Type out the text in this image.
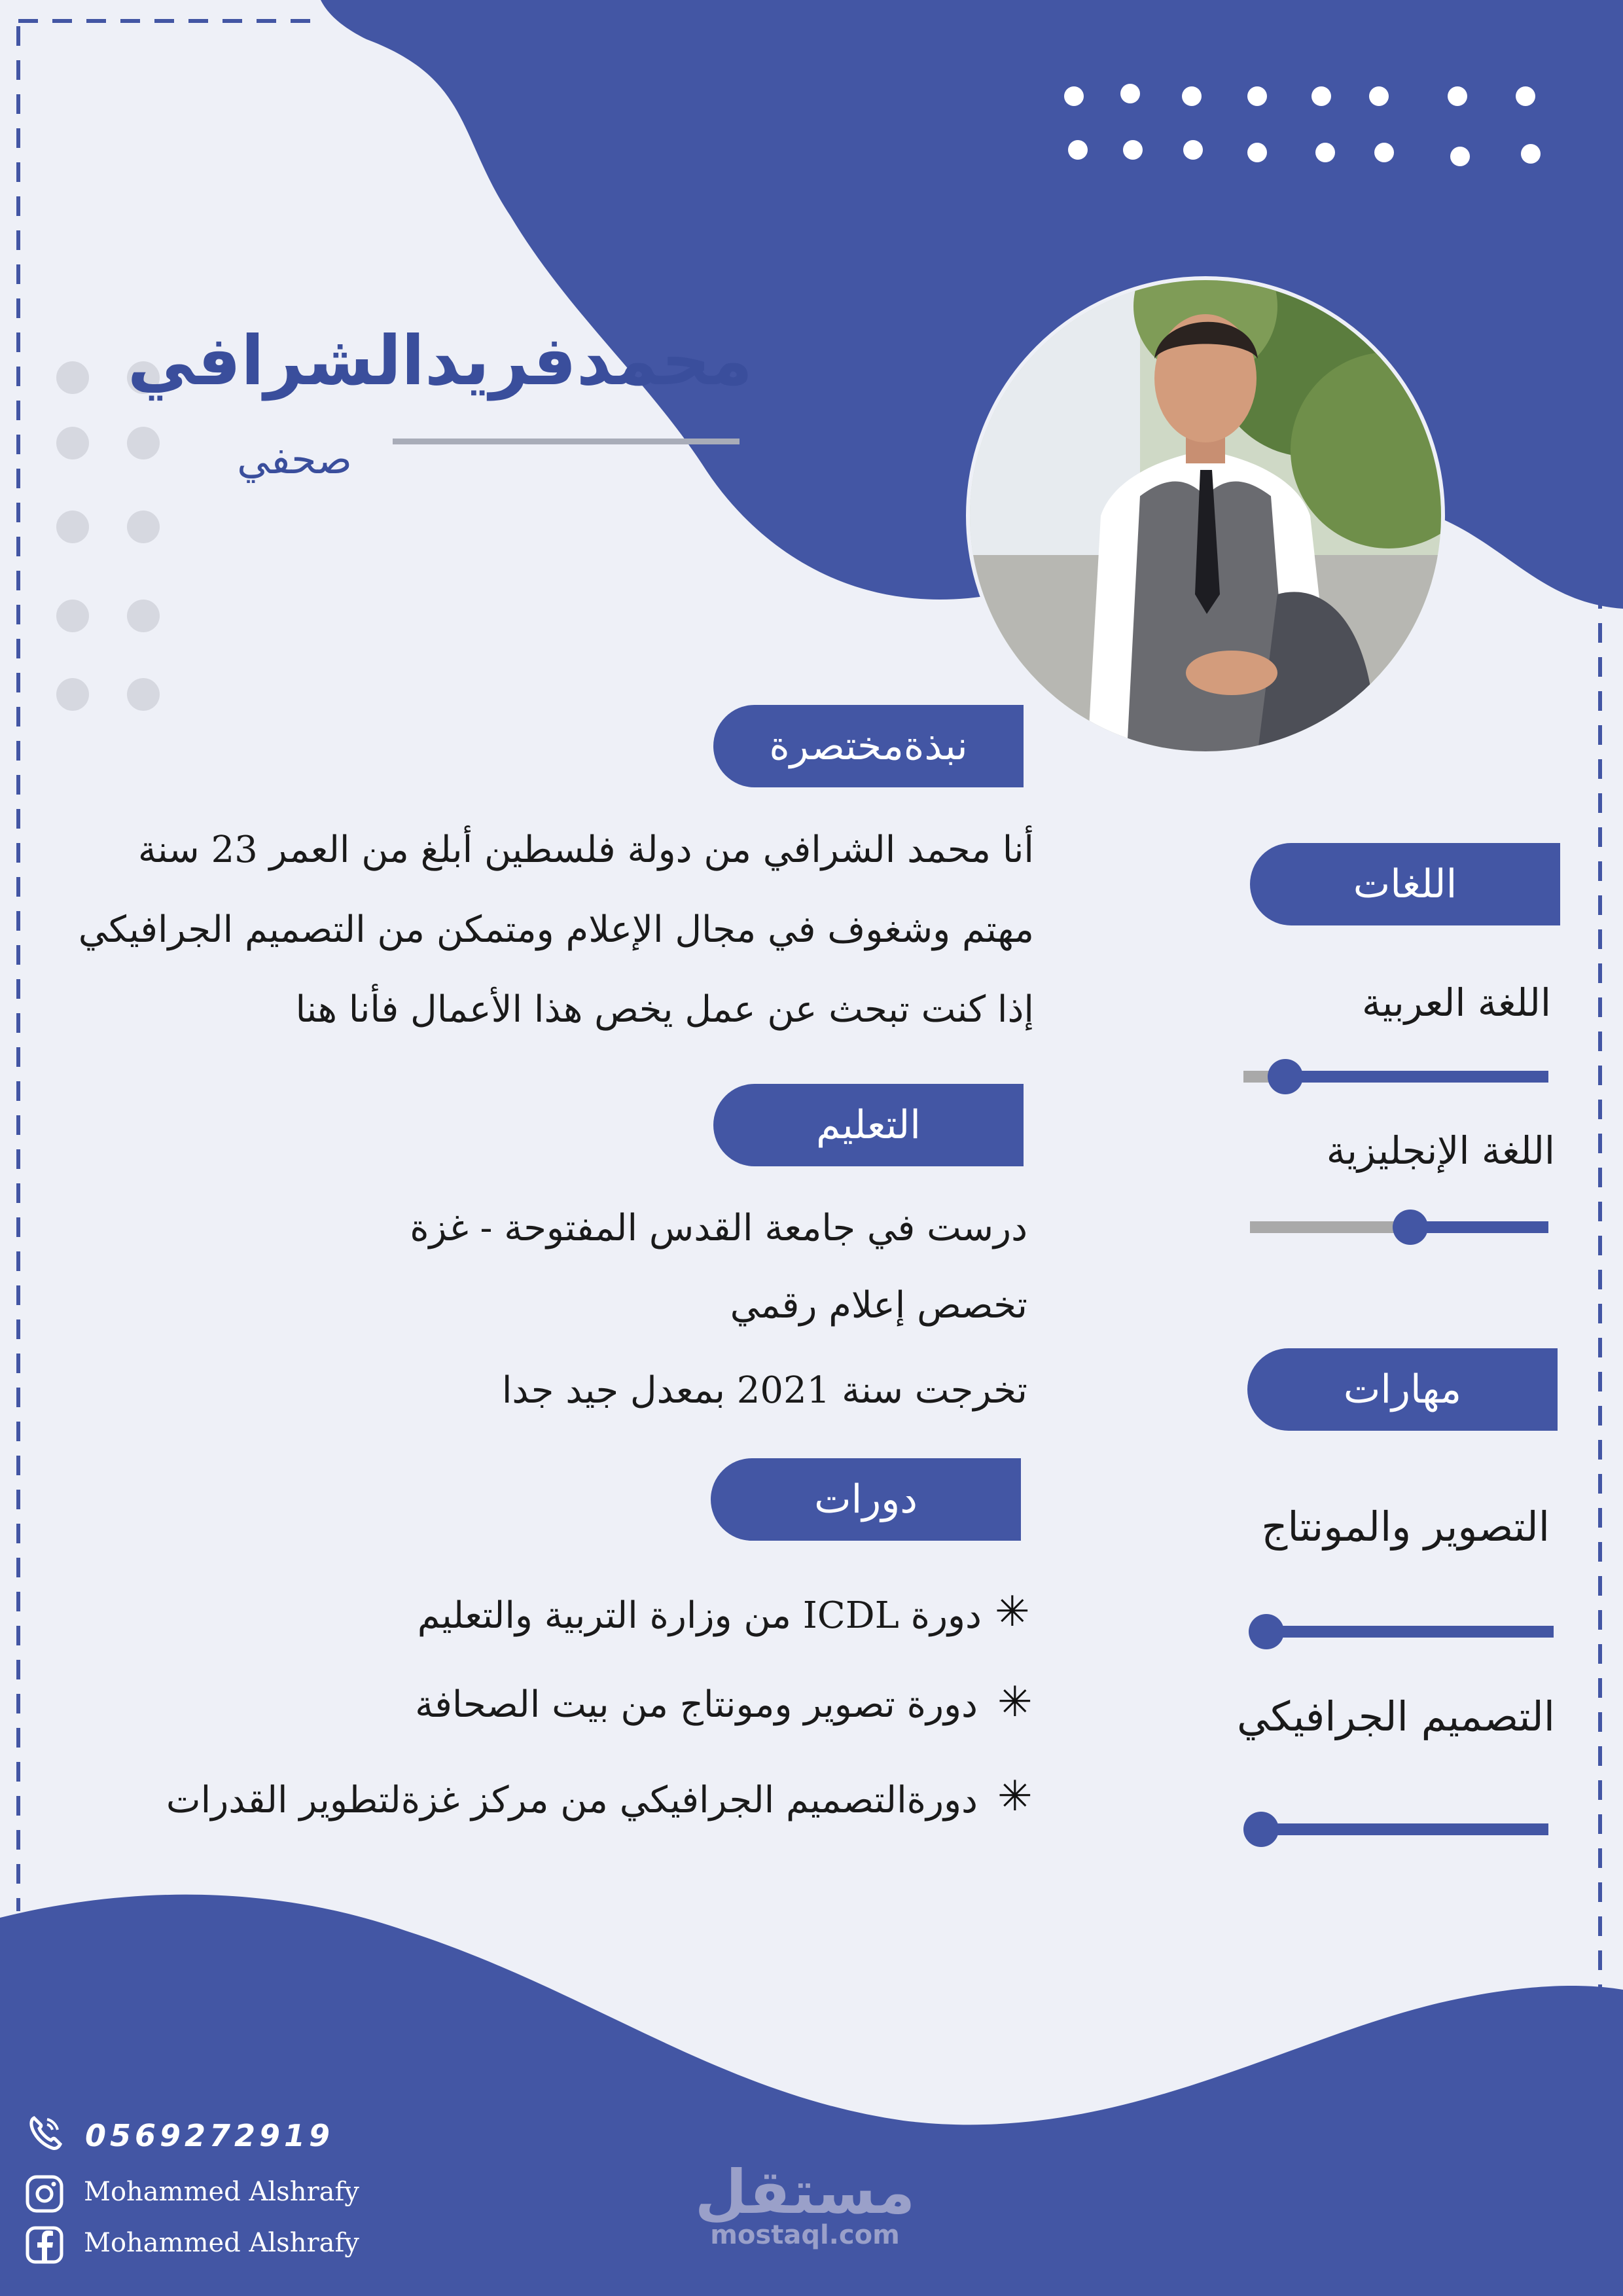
محمدفريدالشرافي
صحفي
نبذةمختصرة
التعليم
دورات
اللغات
مهارات
أنا محمد الشرافي من دولة فلسطين أبلغ من العمر 23 سنة
مهتم وشغوف في مجال الإعلام ومتمكن من التصميم الجرافيكي
إذا كنت تبحث عن عمل يخص هذا الأعمال فأنا هنا
درست في جامعة القدس المفتوحة - غزة
تخصص إعلام رقمي
تخرجت سنة 2021 بمعدل جيد جدا
✳
دورة ICDL من وزارة التربية والتعليم
✳
دورة تصوير ومونتاج من بيت الصحافة
✳
دورةالتصميم الجرافيكي من مركز غزةلتطوير القدرات
اللغة العربية
اللغة الإنجليزية
التصوير والمونتاج
التصميم الجرافيكي
0569272919
Mohammed Alshrafy
Mohammed Alshrafy
مستقل
mostaql.com
